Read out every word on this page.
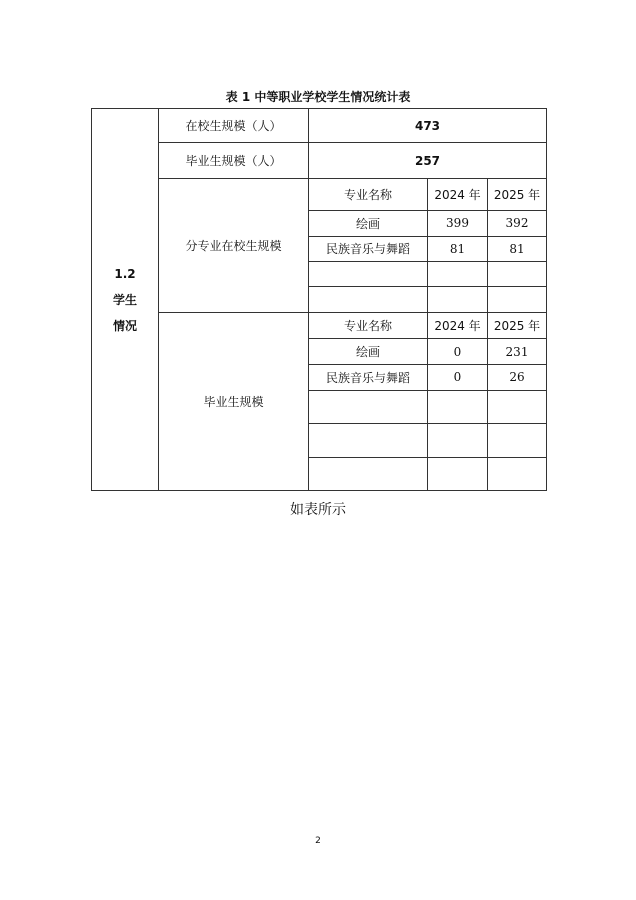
表 1 中等职业学校学生情况统计表
1.2
学生
情况	在校生规模（人）	473		
	毕业生规模（人）	257		
	分专业在校生规模	专业名称	2024 年	2025 年
		绘画	399	392
		民族音乐与舞蹈	81	81

	毕业生规模	专业名称	2024 年	2025 年
		绘画	0	231
		民族音乐与舞蹈	0	26

如表所示
2
